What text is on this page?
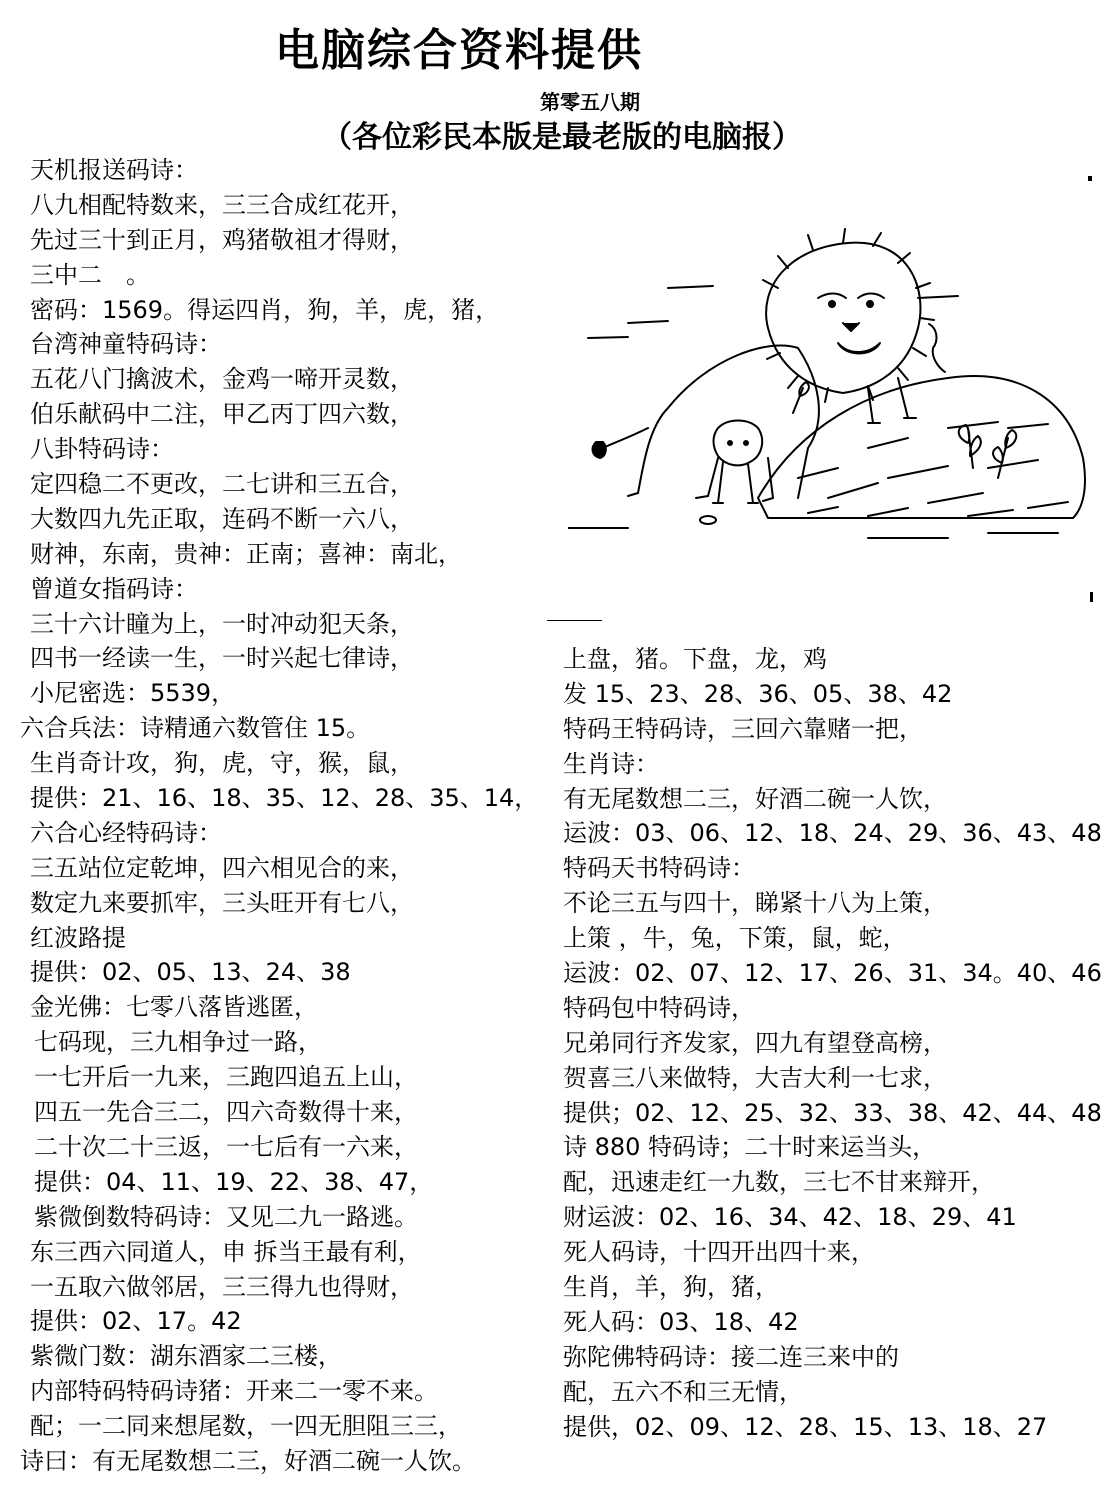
电脑综合资料提供
第零五八期
（各位彩民本版是最老版的电脑报）
天机报送码诗：
八九相配特数来，三三合成红花开，
先过三十到正月，鸡猪敬祖才得财，
三中二　。
密码：1569。得运四肖，狗，羊，虎，猪，
台湾神童特码诗：
五花八门擒波术，金鸡一啼开灵数，
伯乐献码中二注，甲乙丙丁四六数，
八卦特码诗：
定四稳二不更改，二七讲和三五合，
大数四九先正取，连码不断一六八，
财神，东南，贵神：正南；喜神：南北，
曾道女指码诗：
三十六计瞳为上，一时冲动犯天条，
四书一经读一生，一时兴起七律诗，
小尼密选：5539，
六合兵法：诗精通六数管住 15。
生肖奇计攻，狗，虎，守，猴，鼠，
提供：21、16、18、35、12、28、35、14，
六合心经特码诗：
三五站位定乾坤，四六相见合的来，
数定九来要抓牢，三头旺开有七八，
红波路提
提供：02、05、13、24、38
金光佛：七零八落皆逃匿，
七码现，三九相争过一路，
一七开后一九来，三跑四追五上山，
四五一先合三二，四六奇数得十来，
二十次二十三返，一七后有一六来，
提供：04、11、19、22、38、47，
紫微倒数特码诗：又见二九一路逃。
东三西六同道人，申 拆当王最有利，
一五取六做邻居，三三得九也得财，
提供：02、17。42
紫微门数：湖东酒家二三楼，
内部特码特码诗猪：开来二一零不来。
配；一二同来想尾数，一四无胆阻三三，
诗曰：有无尾数想二三，好酒二碗一人饮。
上盘，猪。下盘，龙，鸡
发 15、23、28、36、05、38、42
特码王特码诗，三回六靠赌一把，
生肖诗：
有无尾数想二三，好酒二碗一人饮，
运波：03、06、12、18、24、29、36、43、48
特码天书特码诗：
不论三五与四十，睇紧十八为上策，
上策 ，牛，兔，下策，鼠，蛇，
运波：02、07、12、17、26、31、34。40、46
特码包中特码诗，
兄弟同行齐发家，四九有望登高榜，
贺喜三八来做特，大吉大利一七求，
提供；02、12、25、32、33、38、42、44、48
诗 880 特码诗；二十时来运当头，
配，迅速走红一九数，三七不甘来辩开，
财运波：02、16、34、42、18、29、41
死人码诗，十四开出四十来，
生肖，羊，狗，猪，
死人码：03、18、42
弥陀佛特码诗：接二连三来中的
配，五六不和三无情，
提供，02、09、12、28、15、13、18、27
